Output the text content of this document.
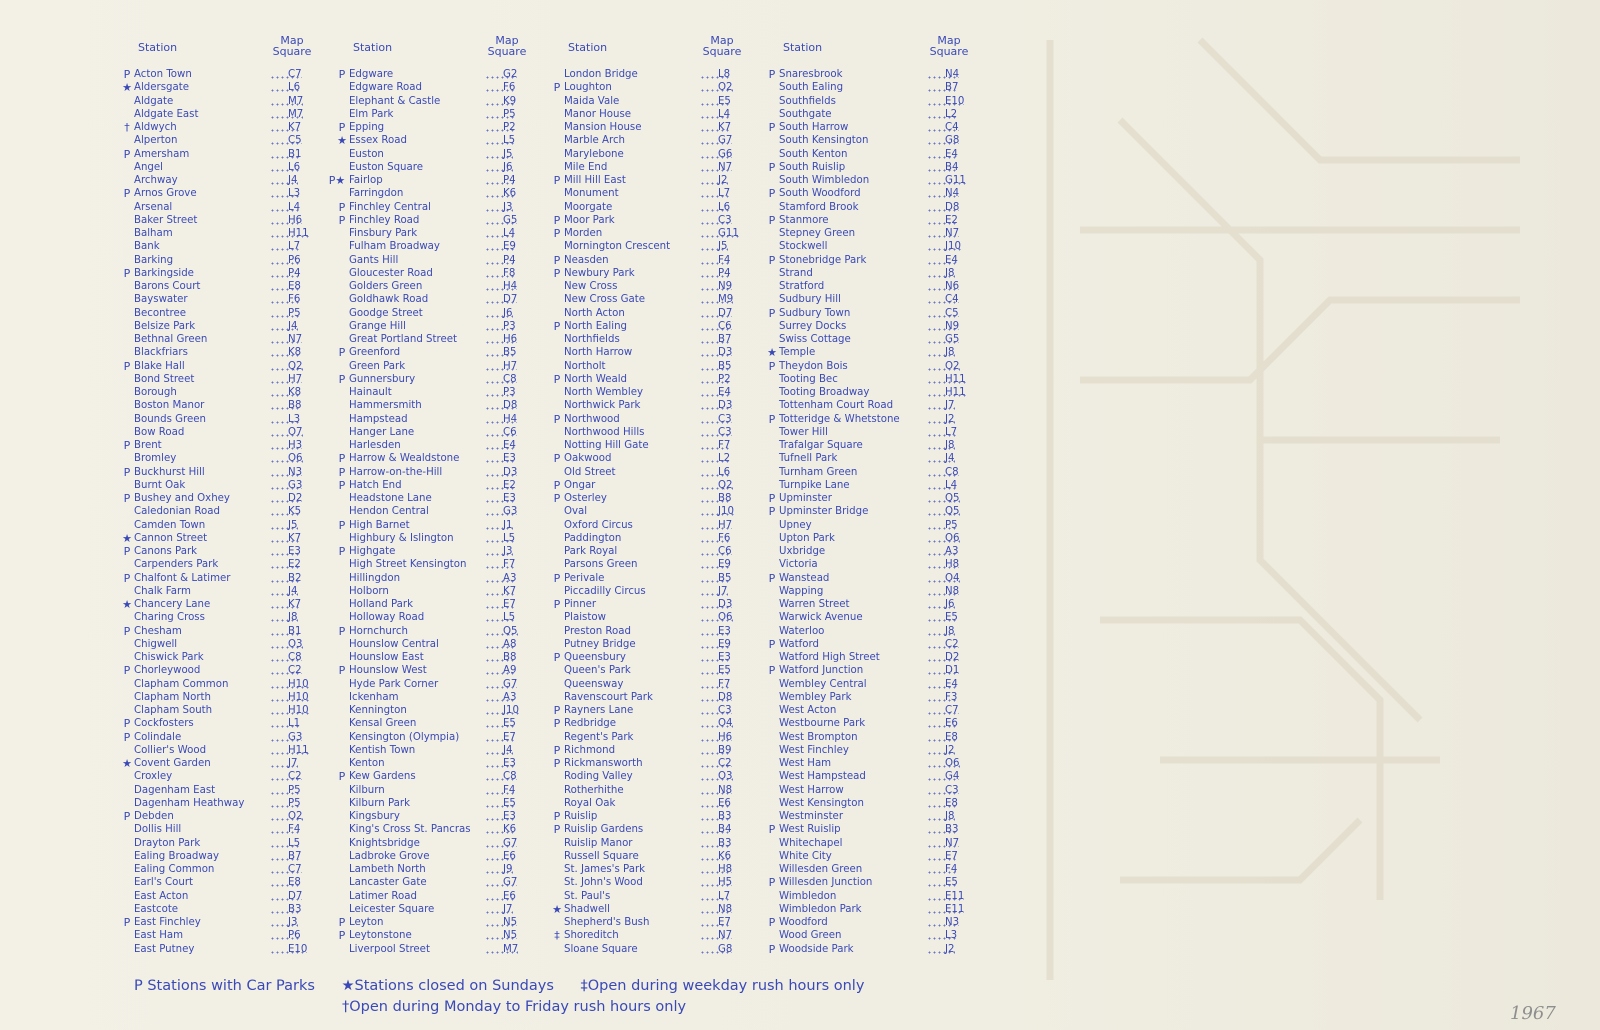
Station
Map
Square
P Acton Town	C7
★ Aldersgate	L6
Aldgate	M7
Aldgate East	M7
† Aldwych	K7
Alperton	C5
P Amersham	B1
Angel	L6
Archway	J4
P Arnos Grove	L3
Arsenal	L4
Baker Street	H6
Balham	H11
Bank	L7
Barking	P6
P Barkingside	P4
Barons Court	E8
Bayswater	F6
Becontree	P5
Belsize Park	J4
Bethnal Green	N7
Blackfriars	K8
P Blake Hall	Q2
Bond Street	H7
Borough	K8
Boston Manor	B8
Bounds Green	L3
Bow Road	O7
P Brent	H3
Bromley	O6
P Buckhurst Hill	N3
Burnt Oak	G3
P Bushey and Oxhey	D2
Caledonian Road	K5
Camden Town	J5
★ Cannon Street	K7
P Canons Park	E3
Carpenders Park	E2
P Chalfont & Latimer	B2
Chalk Farm	J4
★ Chancery Lane	K7
Charing Cross	J8
P Chesham	B1
Chigwell	O3
Chiswick Park	C8
P Chorleywood	C2
Clapham Common	H10
Clapham North	H10
Clapham South	H10
P Cockfosters	L1
P Colindale	G3
Collier's Wood	H11
★ Covent Garden	J7
Croxley	C2
Dagenham East	P5
Dagenham Heathway	P5
P Debden	O2
Dollis Hill	F4
Drayton Park	L5
Ealing Broadway	B7
Ealing Common	C7
Earl's Court	E8
East Acton	D7
Eastcote	B3
P East Finchley	J3
East Ham	P6
East Putney	E10
Station
Map
Square
P Edgware	G2
Edgware Road	F6
Elephant & Castle	K9
Elm Park	P5
P Epping	P2
★ Essex Road	L5
Euston	J5
Euston Square	J6
P★ Fairlop	P4
Farringdon	K6
P Finchley Central	J3
P Finchley Road	G5
Finsbury Park	L4
Fulham Broadway	E9
Gants Hill	P4
Gloucester Road	F8
Golders Green	H4
Goldhawk Road	D7
Goodge Street	J6
Grange Hill	P3
Great Portland Street	H6
P Greenford	B5
Green Park	H7
P Gunnersbury	C8
Hainault	P3
Hammersmith	D8
Hampstead	H4
Hanger Lane	C6
Harlesden	E4
P Harrow & Wealdstone	E3
P Harrow-on-the-Hill	D3
P Hatch End	E2
Headstone Lane	E3
Hendon Central	G3
P High Barnet	J1
Highbury & Islington	L5
P Highgate	J3
High Street Kensington	F7
Hillingdon	A3
Holborn	K7
Holland Park	E7
Holloway Road	L5
P Hornchurch	Q5
Hounslow Central	A8
Hounslow East	B8
P Hounslow West	A9
Hyde Park Corner	G7
Ickenham	A3
Kennington	J10
Kensal Green	E5
Kensington (Olympia)	E7
Kentish Town	J4
Kenton	E3
P Kew Gardens	C8
Kilburn	F4
Kilburn Park	E5
Kingsbury	E3
King's Cross St. Pancras	K6
Knightsbridge	G7
Ladbroke Grove	E6
Lambeth North	J9
Lancaster Gate	G7
Latimer Road	E6
Leicester Square	J7
P Leyton	N5
P Leytonstone	N5
Liverpool Street	M7
Station
Map
Square
London Bridge	L8
P Loughton	O2
Maida Vale	E5
Manor House	L4
Mansion House	K7
Marble Arch	G7
Marylebone	G6
Mile End	N7
P Mill Hill East	J2
Monument	L7
Moorgate	L6
P Moor Park	C3
P Morden	G11
Mornington Crescent	J5
P Neasden	F4
P Newbury Park	P4
New Cross	N9
New Cross Gate	M9
North Acton	D7
P North Ealing	C6
Northfields	B7
North Harrow	D3
Northolt	B5
P North Weald	P2
North Wembley	E4
Northwick Park	D3
P Northwood	C3
Northwood Hills	C3
Notting Hill Gate	F7
P Oakwood	L2
Old Street	L6
P Ongar	Q2
P Osterley	B8
Oval	J10
Oxford Circus	H7
Paddington	F6
Park Royal	C6
Parsons Green	E9
P Perivale	B5
Piccadilly Circus	J7
P Pinner	D3
Plaistow	O6
Preston Road	E3
Putney Bridge	E9
P Queensbury	E3
Queen's Park	E5
Queensway	F7
Ravenscourt Park	D8
P Rayners Lane	C3
P Redbridge	O4
Regent's Park	H6
P Richmond	B9
P Rickmansworth	C2
Roding Valley	O3
Rotherhithe	N8
Royal Oak	E6
P Ruislip	B3
P Ruislip Gardens	B4
Ruislip Manor	B3
Russell Square	K6
St. James's Park	H8
St. John's Wood	H5
St. Paul's	L7
★ Shadwell	N8
Shepherd's Bush	E7
‡ Shoreditch	N7
Sloane Square	G8
Station
Map
Square
P Snaresbrook	N4
South Ealing	B7
Southfields	E10
Southgate	L2
P South Harrow	C4
South Kensington	G8
South Kenton	E4
P South Ruislip	B4
South Wimbledon	G11
P South Woodford	N4
Stamford Brook	D8
P Stanmore	E2
Stepney Green	N7
Stockwell	J10
P Stonebridge Park	E4
Strand	J8
Stratford	N6
Sudbury Hill	C4
P Sudbury Town	C5
Surrey Docks	N9
Swiss Cottage	G5
★ Temple	J8
P Theydon Bois	O2
Tooting Bec	H11
Tooting Broadway	H11
Tottenham Court Road	J7
P Totteridge & Whetstone	J2
Tower Hill	L7
Trafalgar Square	J8
Tufnell Park	J4
Turnham Green	C8
Turnpike Lane	L4
P Upminster	Q5
P Upminster Bridge	Q5
Upney	P5
Upton Park	O6
Uxbridge	A3
Victoria	H8
P Wanstead	O4
Wapping	N8
Warren Street	J6
Warwick Avenue	E5
Waterloo	J8
P Watford	C2
Watford High Street	D2
P Watford Junction	D1
Wembley Central	E4
Wembley Park	F3
West Acton	C7
Westbourne Park	E6
West Brompton	E8
West Finchley	J2
West Ham	O6
West Hampstead	G4
West Harrow	C3
West Kensington	E8
Westminster	J8
P West Ruislip	B3
Whitechapel	N7
White City	E7
Willesden Green	F4
P Willesden Junction	E5
Wimbledon	E11
Wimbledon Park	E11
P Woodford	N3
Wood Green	L3
P Woodside Park	J2
P Stations with Car Parks ★Stations closed on Sundays ‡Open during weekday rush hours only
†Open during Monday to Friday rush hours only	1967
